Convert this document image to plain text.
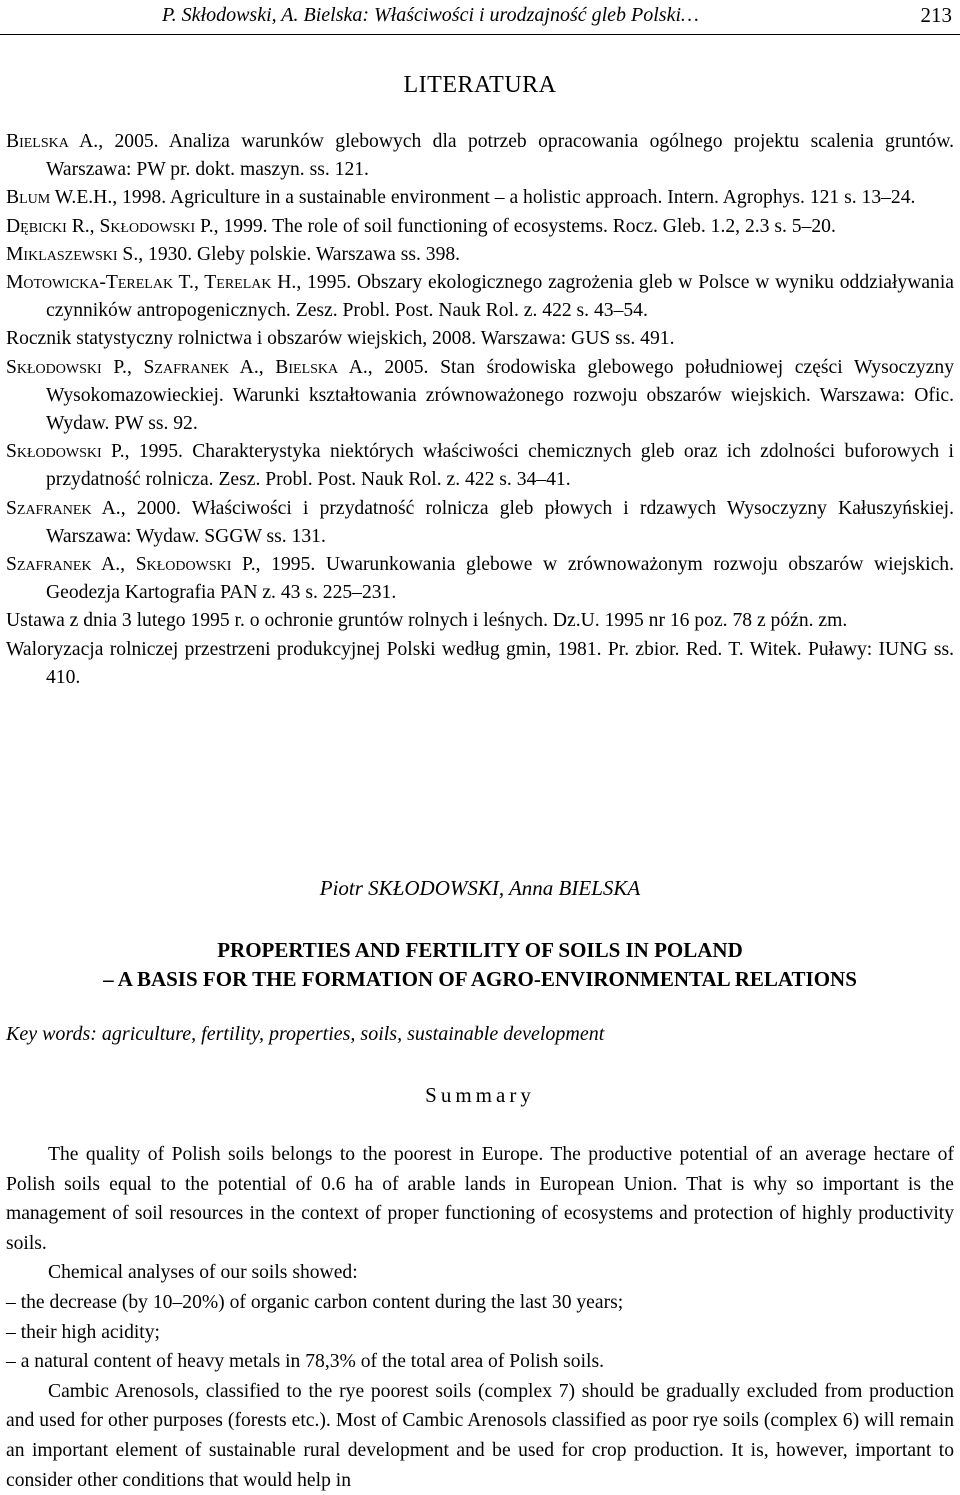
P. Skłodowski, A. Bielska: Właściwości i urodzajność gleb Polski…	213
LITERATURA

Bielska A., 2005. Analiza warunków glebowych dla potrzeb opracowania ogólnego projektu scalenia gruntów. Warszawa: PW pr. dokt. maszyn. ss. 121.

Blum W.E.H., 1998. Agriculture in a sustainable environment – a holistic approach. Intern. Agrophys. 121 s. 13–24.

Dębicki R., Skłodowski P., 1999. The role of soil functioning of ecosystems. Rocz. Gleb. 1.2, 2.3 s. 5–20.

Miklaszewski S., 1930. Gleby polskie. Warszawa ss. 398.

Motowicka-Terelak T., Terelak H., 1995. Obszary ekologicznego zagrożenia gleb w Polsce w wyniku oddziaływania czynników antropogenicznych. Zesz. Probl. Post. Nauk Rol. z. 422 s. 43–54.

Rocznik statystyczny rolnictwa i obszarów wiejskich, 2008. Warszawa: GUS ss. 491.

Skłodowski P., Szafranek A., Bielska A., 2005. Stan środowiska glebowego południowej części Wysoczyzny Wysokomazowieckiej. Warunki kształtowania zrównoważonego rozwoju obszarów wiejskich. Warszawa: Ofic. Wydaw. PW ss. 92.

Skłodowski P., 1995. Charakterystyka niektórych właściwości chemicznych gleb oraz ich zdolności buforowych i przydatność rolnicza. Zesz. Probl. Post. Nauk Rol. z. 422 s. 34–41.

Szafranek A., 2000. Właściwości i przydatność rolnicza gleb płowych i rdzawych Wysoczyzny Kałuszyńskiej. Warszawa: Wydaw. SGGW ss. 131.

Szafranek A., Skłodowski P., 1995. Uwarunkowania glebowe w zrównoważonym rozwoju obszarów wiejskich. Geodezja Kartografia PAN z. 43 s. 225–231.

Ustawa z dnia 3 lutego 1995 r. o ochronie gruntów rolnych i leśnych. Dz.U. 1995 nr 16 poz. 78 z późn. zm.

Waloryzacja rolniczej przestrzeni produkcyjnej Polski według gmin, 1981. Pr. zbior. Red. T. Witek. Puławy: IUNG ss. 410.

Piotr SKŁODOWSKI, Anna BIELSKA
PROPERTIES AND FERTILITY OF SOILS IN POLAND
– A BASIS FOR THE FORMATION OF AGRO-ENVIRONMENTAL RELATIONS
Key words: agriculture, fertility, properties, soils, sustainable development
Summary

The quality of Polish soils belongs to the poorest in Europe. The productive potential of an average hectare of Polish soils equal to the potential of 0.6 ha of arable lands in European Union. That is why so important is the management of soil resources in the context of proper functioning of ecosystems and protection of highly productivity soils.

Chemical analyses of our soils showed:

– the decrease (by 10–20%) of organic carbon content during the last 30 years;

– their high acidity;

– a natural content of heavy metals in 78,3% of the total area of Polish soils.

Cambic Arenosols, classified to the rye poorest soils (complex 7) should be gradually excluded from production and used for other purposes (forests etc.). Most of Cambic Arenosols classified as poor rye soils (complex 6) will remain an important element of sustainable rural development and be used for crop production. It is, however, important to consider other conditions that would help in
